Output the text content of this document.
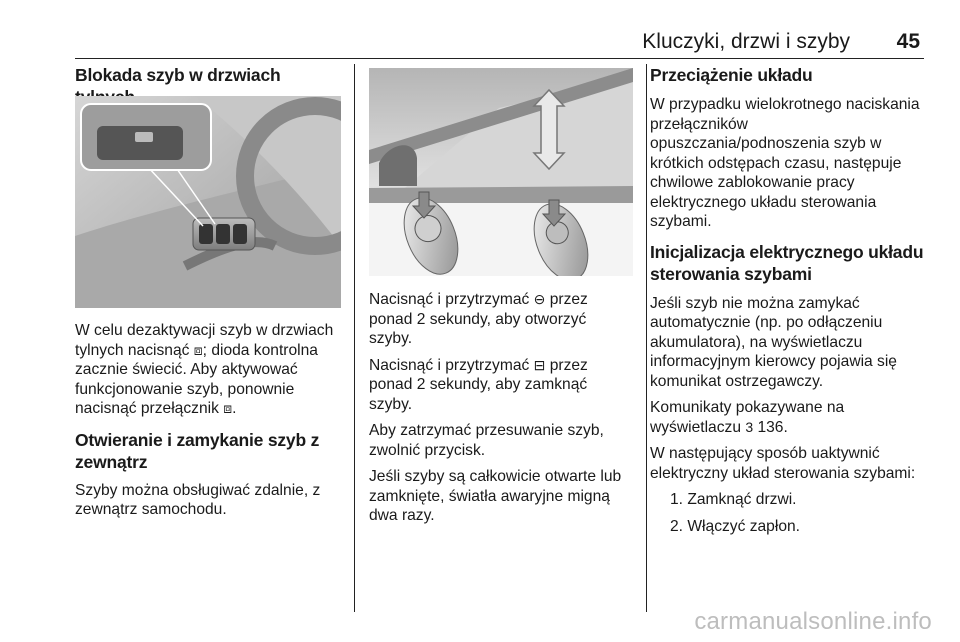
Kluczyki, drzwi i szyby 45
Blokada szyb w drzwiach

W celu dezaktywacji szyb w drzwiach tylnych nacisnąć ⧈; dioda kontrolna zacznie świecić. Aby aktywować funkcjonowanie szyb, ponownie nacisnąć przełącznik ⧈.

Otwieranie i zamykanie szyb z zewnątrz

Szyby można obsługiwać zdalnie, z zewnątrz samochodu.

Nacisnąć i przytrzymać ⊖ przez ponad 2 sekundy, aby otworzyć szyby.

Nacisnąć i przytrzymać ⊟ przez ponad 2 sekundy, aby zamknąć szyby.

Aby zatrzymać przesuwanie szyb, zwolnić przycisk.

Jeśli szyby są całkowicie otwarte lub zamknięte, światła awaryjne migną dwa razy.

Przeciążenie układu

W przypadku wielokrotnego naciskania przełączników opuszczania/podnoszenia szyb w krótkich odstępach czasu, następuje chwilowe zablokowanie pracy elektrycznego układu sterowania szybami.

Inicjalizacja elektrycznego układu sterowania szybami

Jeśli szyb nie można zamykać automatycznie (np. po odłączeniu akumulatora), na wyświetlaczu informacyjnym kierowcy pojawia się komunikat ostrzegawczy.

Komunikaty pokazywane na wyświetlaczu 3 136.

W następujący sposób uaktywnić elektryczny układ sterowania szybami:

1. Zamknąć drzwi.
2. Włączyć zapłon.
carmanualsonline.info
